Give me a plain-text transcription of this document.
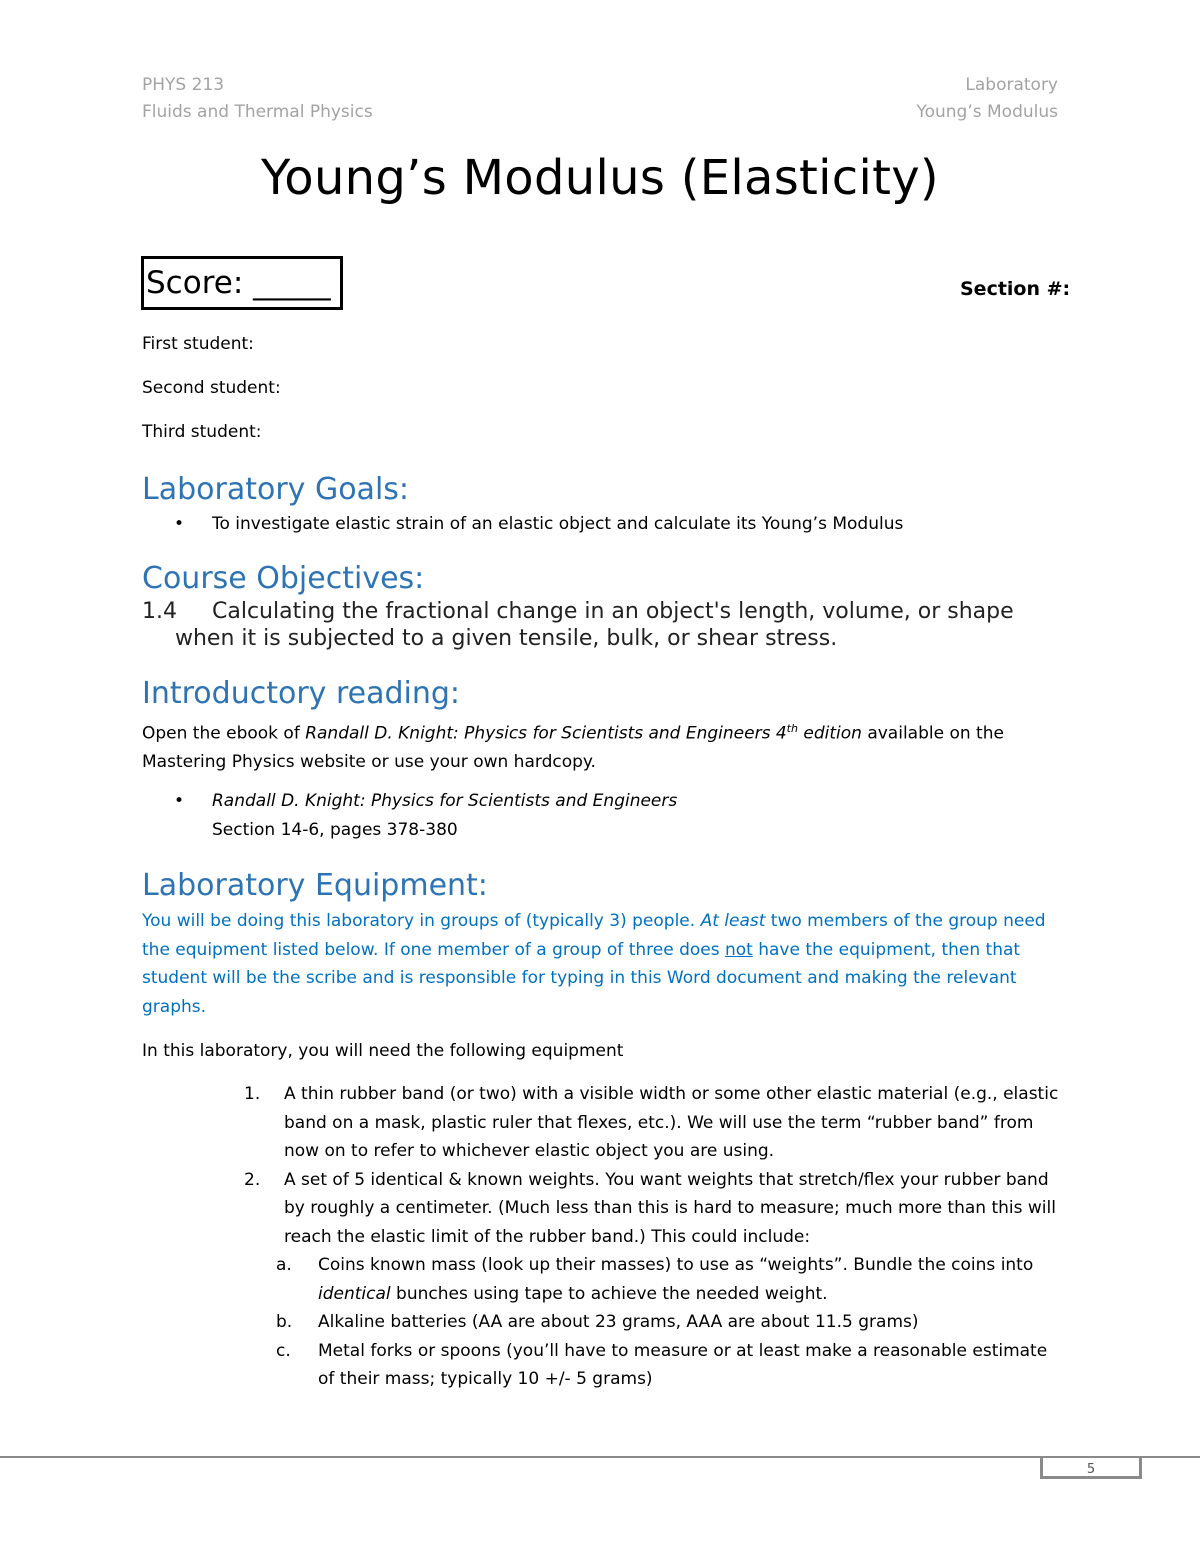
PHYS 213
Fluids and Thermal Physics
Laboratory
Young’s Modulus
Young’s Modulus (Elasticity)
Score: _____	Section #:
First student:
Second student:
Third student:
Laboratory Goals:
• To investigate elastic strain of an elastic object and calculate its Young’s Modulus
Course Objectives:
1.4 Calculating the fractional change in an object's length, volume, or shape
when it is subjected to a given tensile, bulk, or shear stress.
Introductory reading:
Open the ebook of Randall D. Knight: Physics for Scientists and Engineers 4th edition available on the Mastering Physics website or use your own hardcopy.
•	Randall D. Knight: Physics for Scientists and Engineers
Section 14-6, pages 378-380
Laboratory Equipment:
You will be doing this laboratory in groups of (typically 3) people. At least two members of the group need the equipment listed below. If one member of a group of three does not have the equipment, then that student will be the scribe and is responsible for typing in this Word document and making the relevant graphs.
In this laboratory, you will need the following equipment
1.	A thin rubber band (or two) with a visible width or some other elastic material (e.g., elastic band on a mask, plastic ruler that flexes, etc.). We will use the term “rubber band” from now on to refer to whichever elastic object you are using.
2.	A set of 5 identical & known weights. You want weights that stretch/flex your rubber band by roughly a centimeter. (Much less than this is hard to measure; much more than this will reach the elastic limit of the rubber band.) This could include:
a.	Coins known mass (look up their masses) to use as “weights”. Bundle the coins into identical bunches using tape to achieve the needed weight.
b.	Alkaline batteries (AA are about 23 grams, AAA are about 11.5 grams)
c.	Metal forks or spoons (you’ll have to measure or at least make a reasonable estimate of their mass; typically 10 +/- 5 grams)
5
